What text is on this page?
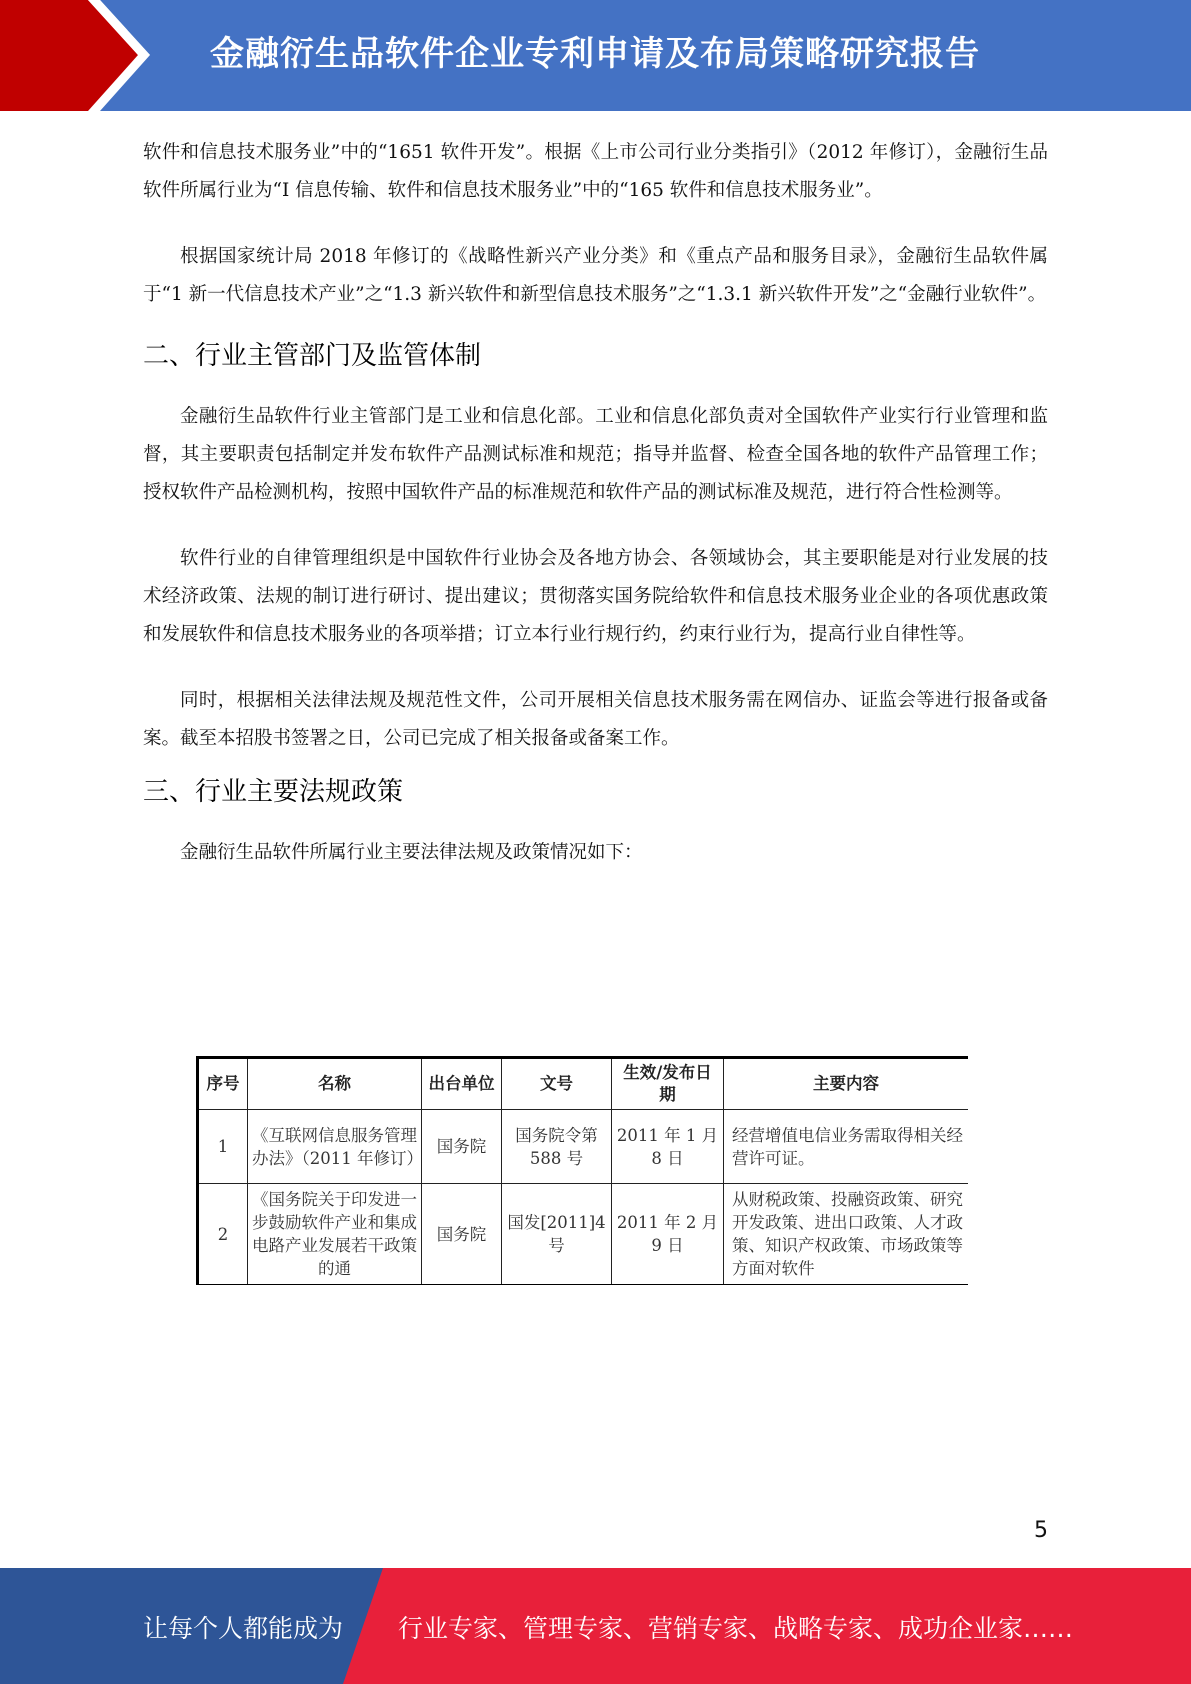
金融衍生品软件企业专利申请及布局策略研究报告

软件和信息技术服务业”中的“1651 软件开发”。根据《上市公司行业分类指引》（2012 年修订），金融衍生品软件所属行业为“I 信息传输、软件和信息技术服务业”中的“165 软件和信息技术服务业”。

根据国家统计局 2018 年修订的《战略性新兴产业分类》和《重点产品和服务目录》，金融衍生品软件属于“1 新一代信息技术产业”之“1.3 新兴软件和新型信息技术服务”之“1.3.1 新兴软件开发”之“金融行业软件”。

二、行业主管部门及监管体制

金融衍生品软件行业主管部门是工业和信息化部。工业和信息化部负责对全国软件产业实行行业管理和监督，其主要职责包括制定并发布软件产品测试标准和规范；指导并监督、检查全国各地的软件产品管理工作；授权软件产品检测机构，按照中国软件产品的标准规范和软件产品的测试标准及规范，进行符合性检测等。

软件行业的自律管理组织是中国软件行业协会及各地方协会、各领域协会，其主要职能是对行业发展的技术经济政策、法规的制订进行研讨、提出建议；贯彻落实国务院给软件和信息技术服务业企业的各项优惠政策和发展软件和信息技术服务业的各项举措；订立本行业行规行约，约束行业行为，提高行业自律性等。

同时，根据相关法律法规及规范性文件，公司开展相关信息技术服务需在网信办、证监会等进行报备或备案。截至本招股书签署之日，公司已完成了相关报备或备案工作。

三、行业主要法规政策

金融衍生品软件所属行业主要法律法规及政策情况如下：

序号	名称	出台单位	文号	生效/发布日期	主要内容
1	《互联网信息服务管理办法》（2011 年修订）	国务院	国务院令第 588 号	2011 年 1 月 8 日	经营增值电信业务需取得相关经营许可证。
2	《国务院关于印发进一步鼓励软件产业和集成电路产业发展若干政策的通	国务院	国发[2011]4 号	2011 年 2 月 9 日	从财税政策、投融资政策、研究开发政策、进出口政策、人才政策、知识产权政策、市场政策等方面对软件
5
让每个人都能成为 行业专家、管理专家、营销专家、战略专家、成功企业家……
